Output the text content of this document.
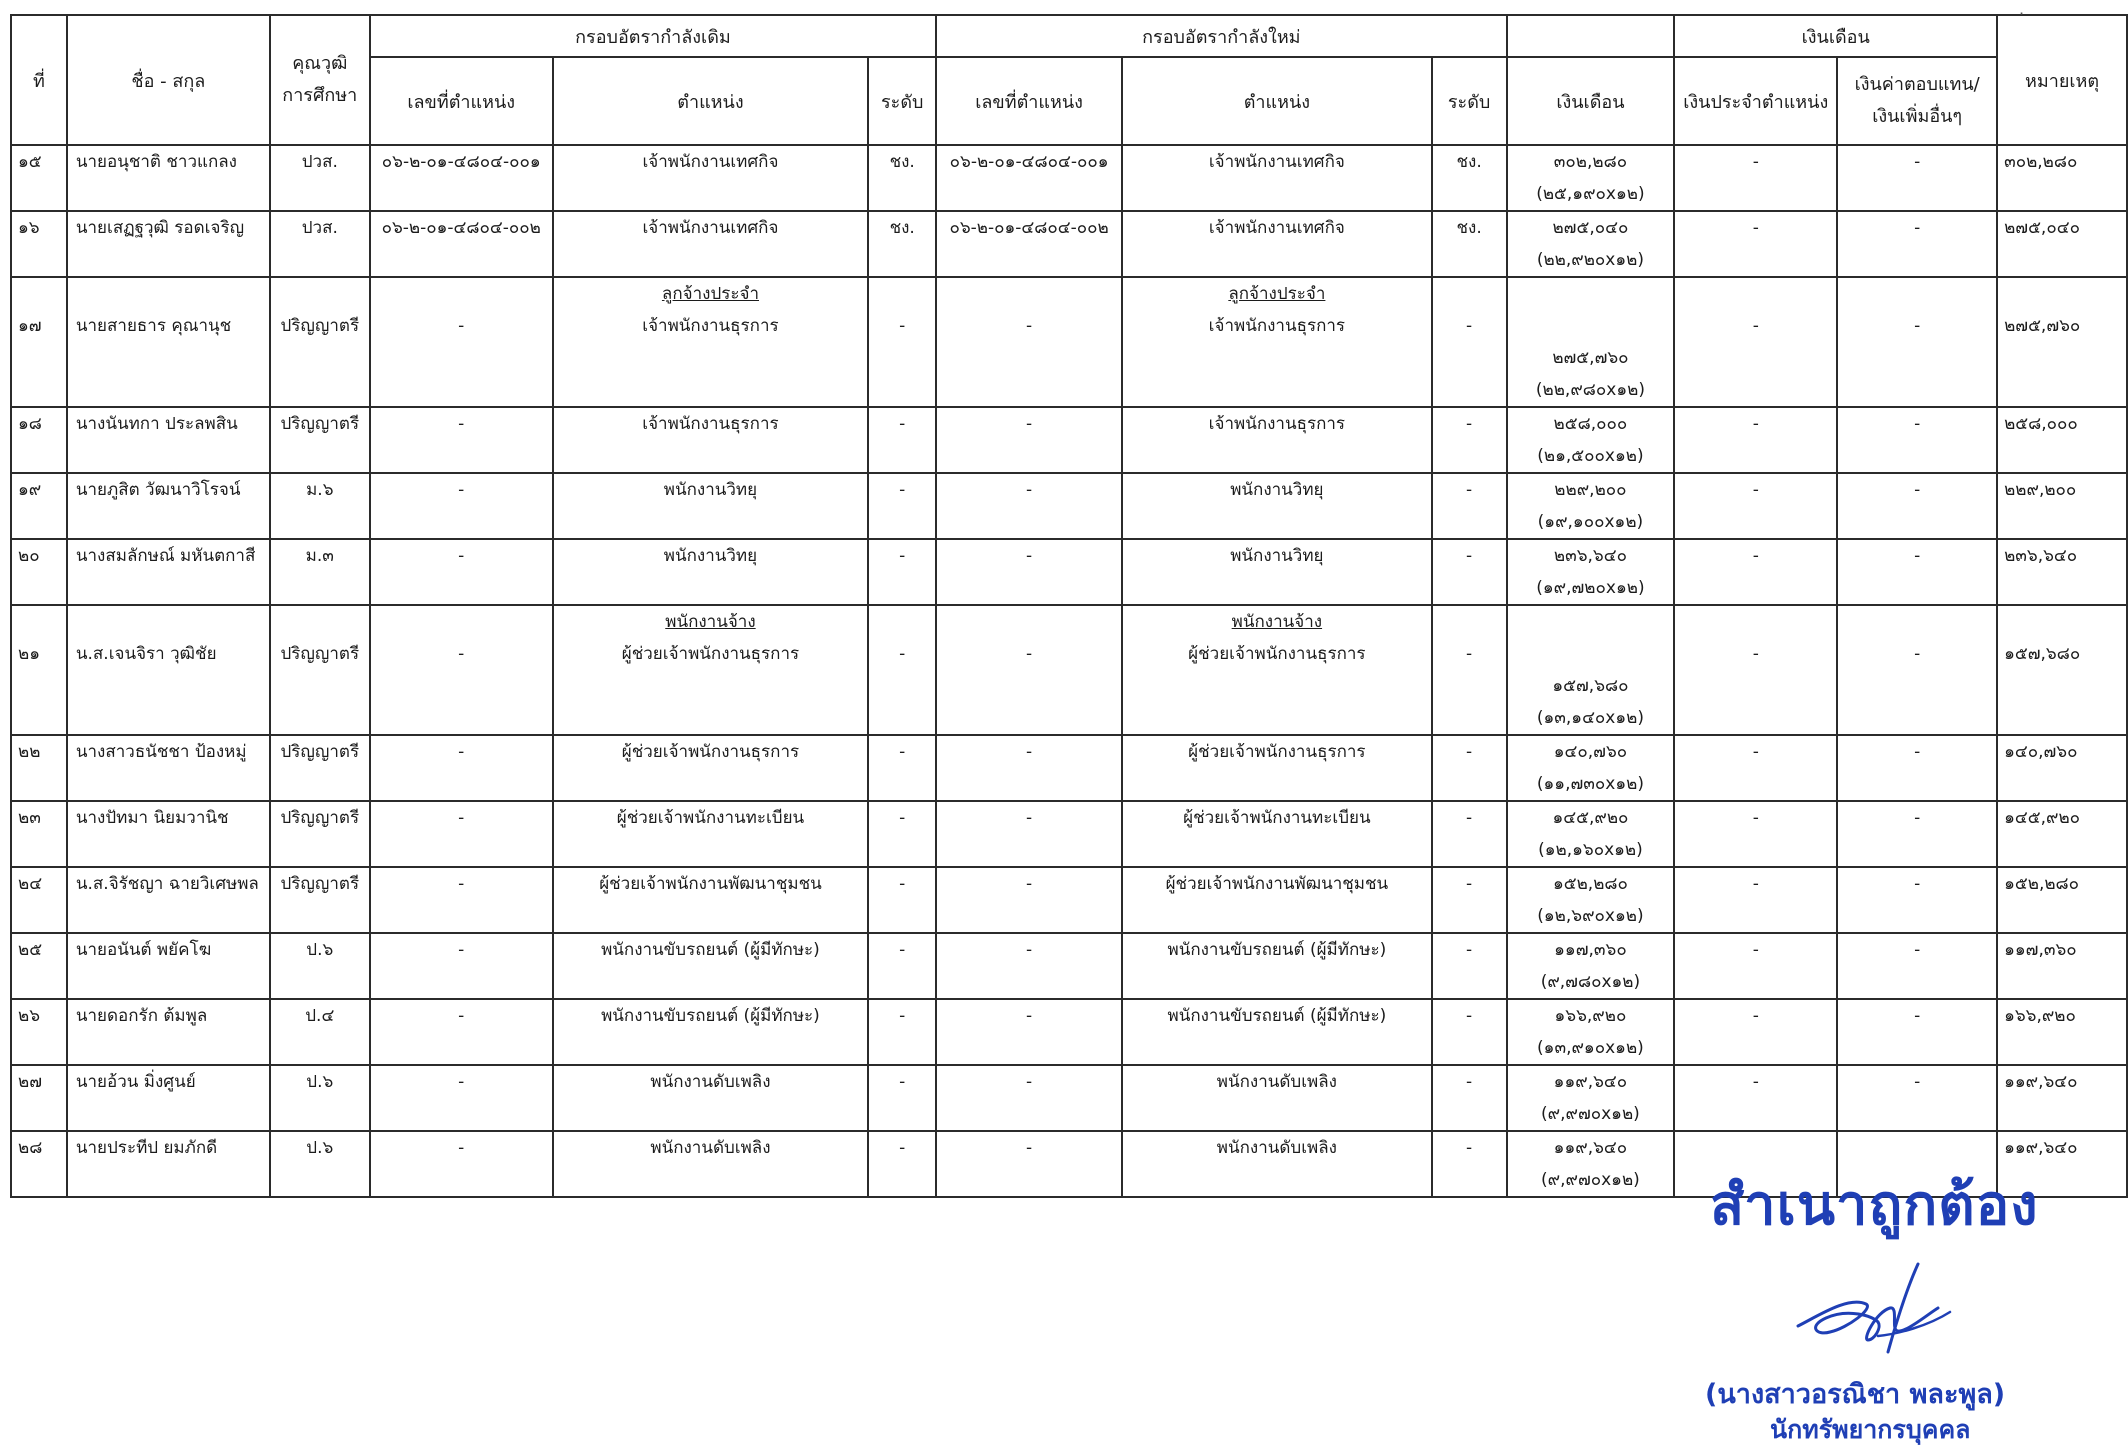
ที่	ชื่อ - สกุล	คุณวุฒิ
การศึกษา	กรอบอัตรากำลังเดิม			กรอบอัตรากำลังใหม่				เงินเดือน		หมายเหตุ
			เลขที่ตำแหน่ง	ตำแหน่ง	ระดับ	เลขที่ตำแหน่ง	ตำแหน่ง	ระดับ	เงินเดือน	เงินประจำตำแหน่ง	เงินค่าตอบแทน/
เงินเพิ่มอื่นๆ	

๑๕	นายอนุชาติ ชาวแกลง	ปวส.	๐๖-๒-๐๑-๔๘๐๔-๐๐๑	เจ้าพนักงานเทศกิจ	ชง.	๐๖-๒-๐๑-๔๘๐๔-๐๐๑	เจ้าพนักงานเทศกิจ	ชง.	๓๐๒,๒๘๐
(๒๕,๑๙๐x๑๒)	-	-	๓๐๒,๒๘๐

๑๖	นายเสฏฐวุฒิ รอดเจริญ	ปวส.	๐๖-๒-๐๑-๔๘๐๔-๐๐๒	เจ้าพนักงานเทศกิจ	ชง.	๐๖-๒-๐๑-๔๘๐๔-๐๐๒	เจ้าพนักงานเทศกิจ	ชง.	๒๗๕,๐๔๐
(๒๒,๙๒๐x๑๒)	-	-	๒๗๕,๐๔๐

๑๗	นายสายธาร คุณานุช	ปริญญาตรี	-	ลูกจ้างประจำ
เจ้าพนักงานธุรการ	-	-	ลูกจ้างประจำ
เจ้าพนักงานธุรการ	-	๒๗๕,๗๖๐
(๒๒,๙๘๐x๑๒)	-	-	๒๗๕,๗๖๐

๑๘	นางนันทกา ประลพสิน	ปริญญาตรี	-	เจ้าพนักงานธุรการ	-	-	เจ้าพนักงานธุรการ	-	๒๕๘,๐๐๐
(๒๑,๕๐๐x๑๒)	-	-	๒๕๘,๐๐๐

๑๙	นายภูสิต วัฒนาวิโรจน์	ม.๖	-	พนักงานวิทยุ	-	-	พนักงานวิทยุ	-	๒๒๙,๒๐๐
(๑๙,๑๐๐x๑๒)	-	-	๒๒๙,๒๐๐

๒๐	นางสมลักษณ์ มหันตกาสี	ม.๓	-	พนักงานวิทยุ	-	-	พนักงานวิทยุ	-	๒๓๖,๖๔๐
(๑๙,๗๒๐x๑๒)	-	-	๒๓๖,๖๔๐

๒๑	น.ส.เจนจิรา วุฒิชัย	ปริญญาตรี	-	พนักงานจ้าง
ผู้ช่วยเจ้าพนักงานธุรการ	-	-	พนักงานจ้าง
ผู้ช่วยเจ้าพนักงานธุรการ	-	๑๕๗,๖๘๐
(๑๓,๑๔๐x๑๒)	-	-	๑๕๗,๖๘๐

๒๒	นางสาวธนัชชา ป้องหมู่	ปริญญาตรี	-	ผู้ช่วยเจ้าพนักงานธุรการ	-	-	ผู้ช่วยเจ้าพนักงานธุรการ	-	๑๔๐,๗๖๐
(๑๑,๗๓๐x๑๒)	-	-	๑๔๐,๗๖๐

๒๓	นางปัทมา นิยมวานิช	ปริญญาตรี	-	ผู้ช่วยเจ้าพนักงานทะเบียน	-	-	ผู้ช่วยเจ้าพนักงานทะเบียน	-	๑๔๕,๙๒๐
(๑๒,๑๖๐x๑๒)	-	-	๑๔๕,๙๒๐

๒๔	น.ส.จิรัชญา ฉายวิเศษพล	ปริญญาตรี	-	ผู้ช่วยเจ้าพนักงานพัฒนาชุมชน	-	-	ผู้ช่วยเจ้าพนักงานพัฒนาชุมชน	-	๑๕๒,๒๘๐
(๑๒,๖๙๐x๑๒)	-	-	๑๕๒,๒๘๐

๒๕	นายอนันต์ พยัคโฆ	ป.๖	-	พนักงานขับรถยนต์ (ผู้มีทักษะ)	-	-	พนักงานขับรถยนต์ (ผู้มีทักษะ)	-	๑๑๗,๓๖๐
(๙,๗๘๐x๑๒)	-	-	๑๑๗,๓๖๐

๒๖	นายดอกรัก ต้มพูล	ป.๔	-	พนักงานขับรถยนต์ (ผู้มีทักษะ)	-	-	พนักงานขับรถยนต์ (ผู้มีทักษะ)	-	๑๖๖,๙๒๐
(๑๓,๙๑๐x๑๒)	-	-	๑๖๖,๙๒๐

๒๗	นายอ้วน มิ่งศูนย์	ป.๖	-	พนักงานดับเพลิง	-	-	พนักงานดับเพลิง	-	๑๑๙,๖๔๐
(๙,๙๗๐x๑๒)	-	-	๑๑๙,๖๔๐

๒๘	นายประทีป ยมภักดี	ป.๖	-	พนักงานดับเพลิง	-	-	พนักงานดับเพลิง	-	๑๑๙,๖๔๐
(๙,๙๗๐x๑๒)			๑๑๙,๖๔๐
·
สำเนาถูกต้อง
(นางสาวอรณิชา พละพูล)
นักทรัพยากรบุคคล
